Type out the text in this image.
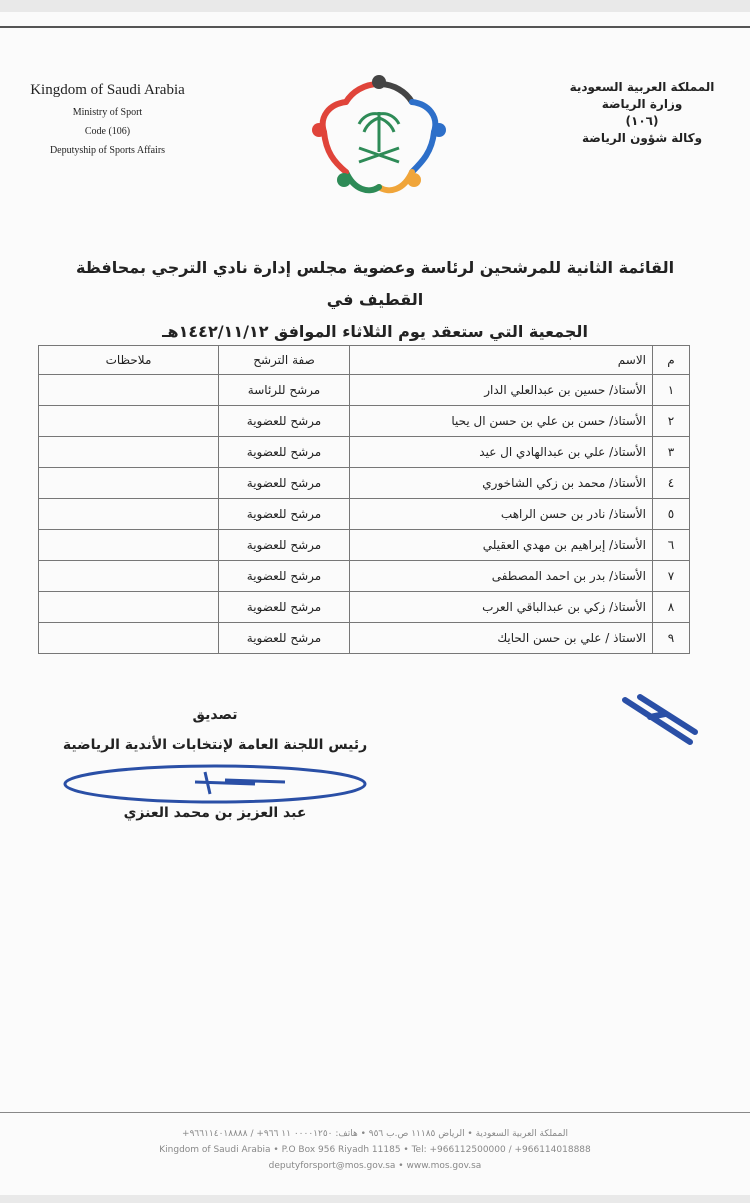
Kingdom of Saudi Arabia
Ministry of Sport
Code (106)
Deputyship of Sports Affairs
المملكة العربية السعودية
وزارة الرياضة
(١٠٦)
وكالة شؤون الرياضة
القائمة الثانية للمرشحين لرئاسة وعضوية مجلس إدارة نادي الترجي بمحافظة القطيف في
الجمعية التي ستعقد يوم الثلاثاء الموافق ١٤٤٢/١١/١٢هـ
م	الاسم	صفة الترشح	ملاحظات
١	الأستاذ/ حسين بن عبدالعلي الدار	مرشح للرئاسة	
٢	الأستاذ/ حسن بن علي بن حسن ال يحيا	مرشح للعضوية	
٣	الأستاذ/ علي بن عبدالهادي ال عيد	مرشح للعضوية	
٤	الأستاذ/ محمد بن زكي الشاخوري	مرشح للعضوية	
٥	الأستاذ/ نادر بن حسن الراهب	مرشح للعضوية	
٦	الأستاذ/ إبراهيم بن مهدي العقيلي	مرشح للعضوية	
٧	الأستاذ/ بدر بن احمد المصطفى	مرشح للعضوية	
٨	الأستاذ/ زكي بن عبدالباقي العرب	مرشح للعضوية	
٩	الاستاذ / علي بن حسن الحايك	مرشح للعضوية	
تصديق
رئيس اللجنة العامة لإنتخابات الأندية الرياضية
عبد العزيز بن محمد العنزي
المملكة العربية السعودية • الرياض ١١١٨٥ ص.ب ٩٥٦ • هاتف: ٠٠٠٠١٢٥٠ ١١ ٩٦٦+ / ٩٦٦١١٤٠١٨٨٨٨+
Kingdom of Saudi Arabia • P.O Box 956 Riyadh 11185 • Tel: +966112500000 / +966114018888
deputyforsport@mos.gov.sa • www.mos.gov.sa
